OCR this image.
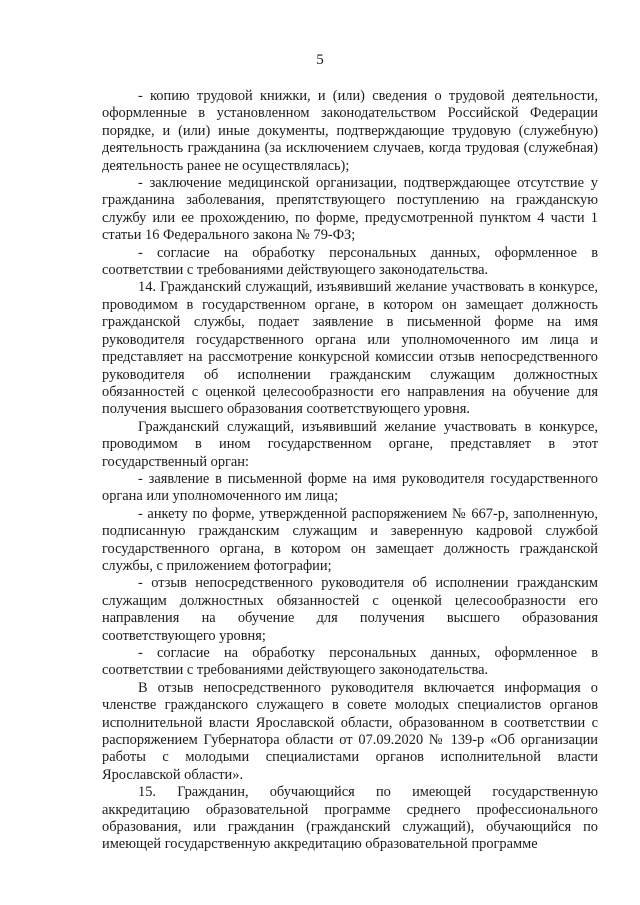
5

- копию трудовой книжки, и (или) сведения о трудовой деятельности, оформленные в установленном законодательством Российской Федерации порядке, и (или) иные документы, подтверждающие трудовую (служебную) деятельность гражданина (за исключением случаев, когда трудовая (служебная) деятельность ранее не осуществлялась);

- заключение медицинской организации, подтверждающее отсутствие у гражданина заболевания, препятствующего поступлению на гражданскую службу или ее прохождению, по форме, предусмотренной пунктом 4 части 1 статьи 16 Федерального закона № 79-ФЗ;

- согласие на обработку персональных данных, оформленное в соответствии с требованиями действующего законодательства.

14. Гражданский служащий, изъявивший желание участвовать в конкурсе, проводимом в государственном органе, в котором он замещает должность гражданской службы, подает заявление в письменной форме на имя руководителя государственного органа или уполномоченного им лица и представляет на рассмотрение конкурсной комиссии отзыв непосредственного руководителя об исполнении гражданским служащим должностных обязанностей с оценкой целесообразности его направления на обучение для получения высшего образования соответствующего уровня.

Гражданский служащий, изъявивший желание участвовать в конкурсе, проводимом в ином государственном органе, представляет в этот государственный орган:

- заявление в письменной форме на имя руководителя государственного органа или уполномоченного им лица;

- анкету по форме, утвержденной распоряжением № 667-р, заполненную, подписанную гражданским служащим и заверенную кадровой службой государственного органа, в котором он замещает должность гражданской службы, с приложением фотографии;

- отзыв непосредственного руководителя об исполнении гражданским служащим должностных обязанностей с оценкой целесообразности его направления на обучение для получения высшего образования соответствующего уровня;

- согласие на обработку персональных данных, оформленное в соответствии с требованиями действующего законодательства.

В отзыв непосредственного руководителя включается информация о членстве гражданского служащего в совете молодых специалистов органов исполнительной власти Ярославской области, образованном в соответствии с распоряжением Губернатора области от 07.09.2020 № 139-р «Об организации работы с молодыми специалистами органов исполнительной власти Ярославской области».

15. Гражданин, обучающийся по имеющей государственную аккредитацию образовательной программе среднего профессионального образования, или гражданин (гражданский служащий), обучающийся по имеющей государственную аккредитацию образовательной программе
